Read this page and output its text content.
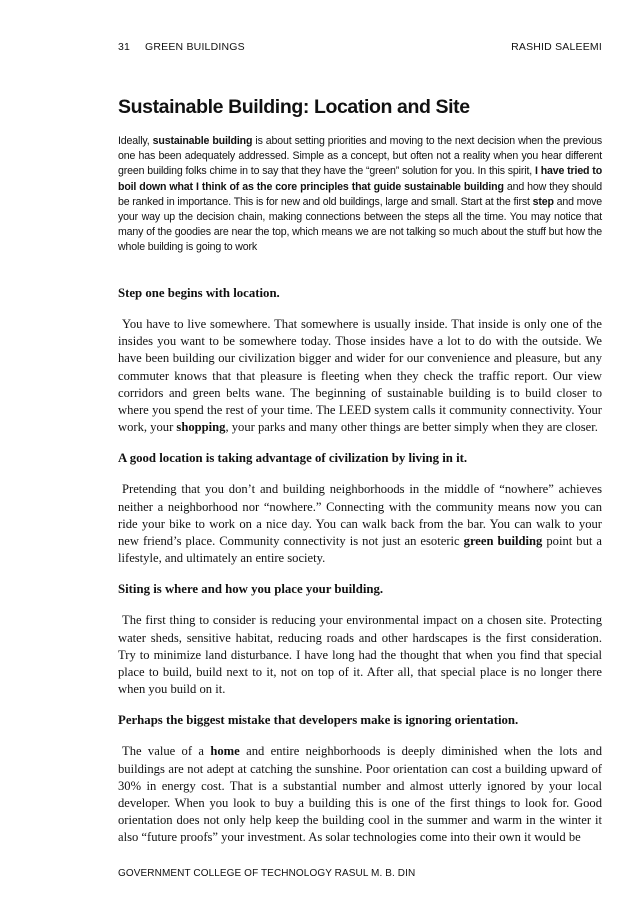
31 GREEN BUILDINGS	RASHID SALEEMI
Sustainable Building: Location and Site

Ideally, sustainable building is about setting priorities and moving to the next decision when the previous one has been adequately addressed. Simple as a concept, but often not a reality when you hear different green building folks chime in to say that they have the “green” solution for you. In this spirit, I have tried to boil down what I think of as the core principles that guide sustainable building and how they should be ranked in importance. This is for new and old buildings, large and small. Start at the first step and move your way up the decision chain, making connections between the steps all the time. You may notice that many of the goodies are near the top, which means we are not talking so much about the stuff but how the whole building is going to work

Step one begins with location.

You have to live somewhere. That somewhere is usually inside. That inside is only one of the insides you want to be somewhere today. Those insides have a lot to do with the outside. We have been building our civilization bigger and wider for our convenience and pleasure, but any commuter knows that that pleasure is fleeting when they check the traffic report. Our view corridors and green belts wane. The beginning of sustainable building is to build closer to where you spend the rest of your time. The LEED system calls it community connectivity. Your work, your shopping, your parks and many other things are better simply when they are closer.

A good location is taking advantage of civilization by living in it.

Pretending that you don’t and building neighborhoods in the middle of “nowhere” achieves neither a neighborhood nor “nowhere.” Connecting with the community means now you can ride your bike to work on a nice day. You can walk back from the bar. You can walk to your new friend’s place. Community connectivity is not just an esoteric green building point but a lifestyle, and ultimately an entire society.

Siting is where and how you place your building.

The first thing to consider is reducing your environmental impact on a chosen site. Protecting water sheds, sensitive habitat, reducing roads and other hardscapes is the first consideration. Try to minimize land disturbance. I have long had the thought that when you find that special place to build, build next to it, not on top of it. After all, that special place is no longer there when you build on it.

Perhaps the biggest mistake that developers make is ignoring orientation.

The value of a home and entire neighborhoods is deeply diminished when the lots and buildings are not adept at catching the sunshine. Poor orientation can cost a building upward of 30% in energy cost. That is a substantial number and almost utterly ignored by your local developer. When you look to buy a building this is one of the first things to look for. Good orientation does not only help keep the building cool in the summer and warm in the winter it also “future proofs” your investment. As solar technologies come into their own it would be

GOVERNMENT COLLEGE OF TECHNOLOGY RASUL M. B. DIN
